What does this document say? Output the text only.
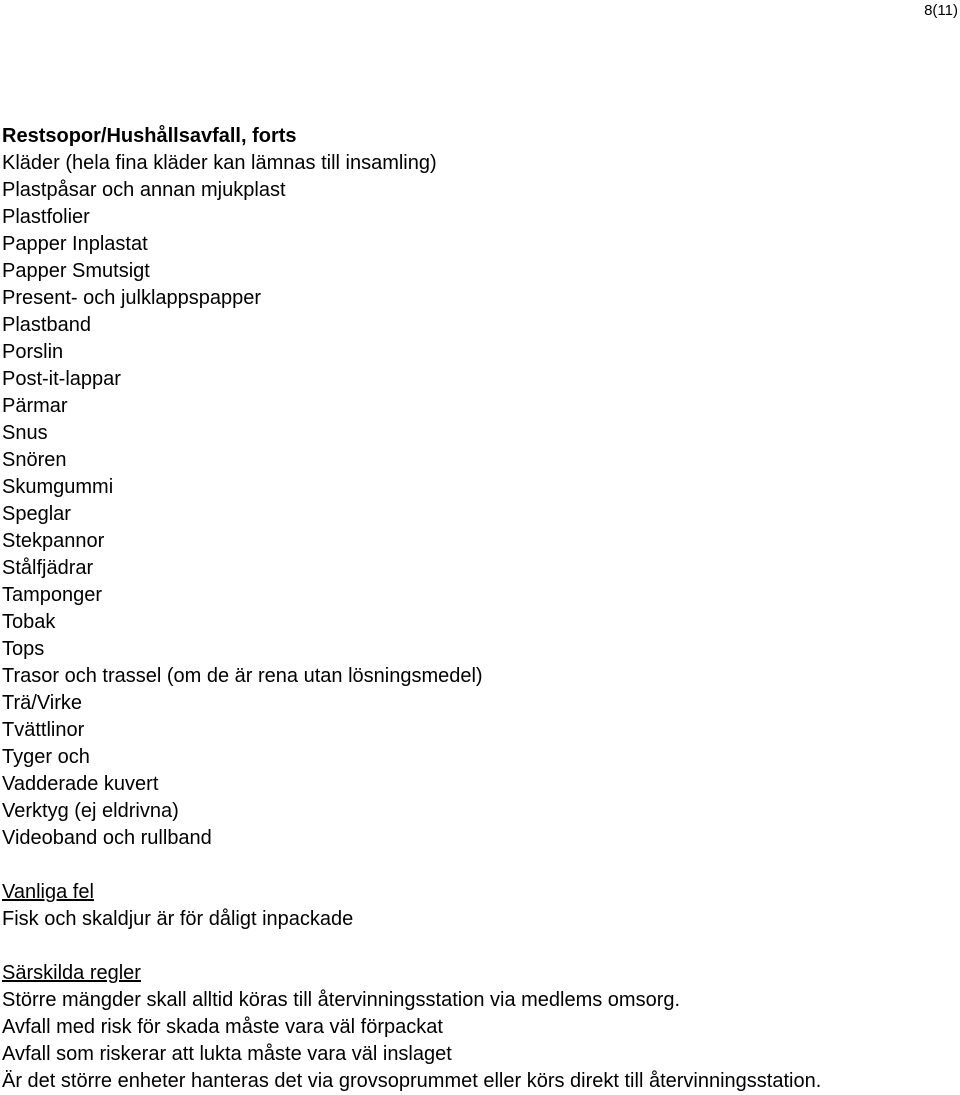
8(11)
Restsopor/Hushållsavfall, forts
Kläder (hela fina kläder kan lämnas till insamling)
Plastpåsar och annan mjukplast
Plastfolier
Papper Inplastat
Papper Smutsigt
Present- och julklappspapper
Plastband
Porslin
Post-it-lappar
Pärmar
Snus
Snören
Skumgummi
Speglar
Stekpannor
Stålfjädrar
Tamponger
Tobak
Tops
Trasor och trassel (om de är rena utan lösningsmedel)
Trä/Virke
Tvättlinor
Tyger och
Vadderade kuvert
Verktyg (ej eldrivna)
Videoband och rullband
Vanliga fel
Fisk och skaldjur är för dåligt inpackade
Särskilda regler
Större mängder skall alltid köras till återvinningsstation via medlems omsorg.
Avfall med risk för skada måste vara väl förpackat
Avfall som riskerar att lukta måste vara väl inslaget
Är det större enheter hanteras det via grovsoprummet eller körs direkt till återvinningsstation.
